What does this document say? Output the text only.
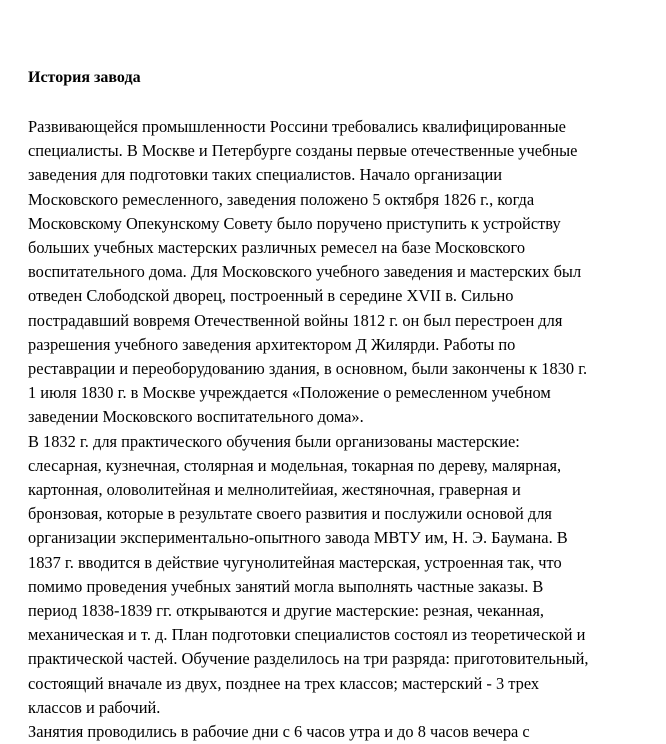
История завода
Развивающейся промышленности Россини требовались квалифицированные
специалисты. В Москве и Петербурге созданы первые отечественные учебные
заведения для подготовки таких специалистов. Начало организации
Московского ремесленного, заведения положено 5 октября 1826 г., когда
Московскому Опекунскому Совету было поручено приступить к устройству
больших учебных мастерских различных ремесел на базе Московского
воспитательного дома. Для Московского учебного заведения и мастерских был
отведен Слободской дворец, построенный в середине XVII в. Сильно
пострадавший вовремя Отечественной войны 1812 г. он был перестроен для
разрешения учебного заведения архитектором Д Жилярди. Работы по
реставрации и переоборудованию здания, в основном, были закончены к 1830 г.
1 июля 1830 г. в Москве учреждается «Положение о ремесленном учебном
заведении Московского воспитательного дома».
В 1832 г. для практического обучения были организованы мастерские:
слесарная, кузнечная, столярная и модельная, токарная по дереву, малярная,
картонная, оловолитейная и мелнолитейиая, жестяночная, граверная и
бронзовая, которые в результате своего развития и послужили основой для
организации экспериментально-опытного завода МВТУ им, Н. Э. Баумана. В
1837 г. вводится в действие чугунолитейная мастерская, устроенная так, что
помимо проведения учебных занятий могла выполнять частные заказы. В
период 1838-1839 гг. открываются и другие мастерские: резная, чеканная,
механическая и т. д. План подготовки специалистов состоял из теоретической и
практической частей. Обучение разделилось на три разряда: приготовительный,
состоящий вначале из двух, позднее на трех классов; мастерский - 3 трех
классов и рабочий.
Занятия проводились в рабочие дни с 6 часов утра и до 8 часов вечера с
